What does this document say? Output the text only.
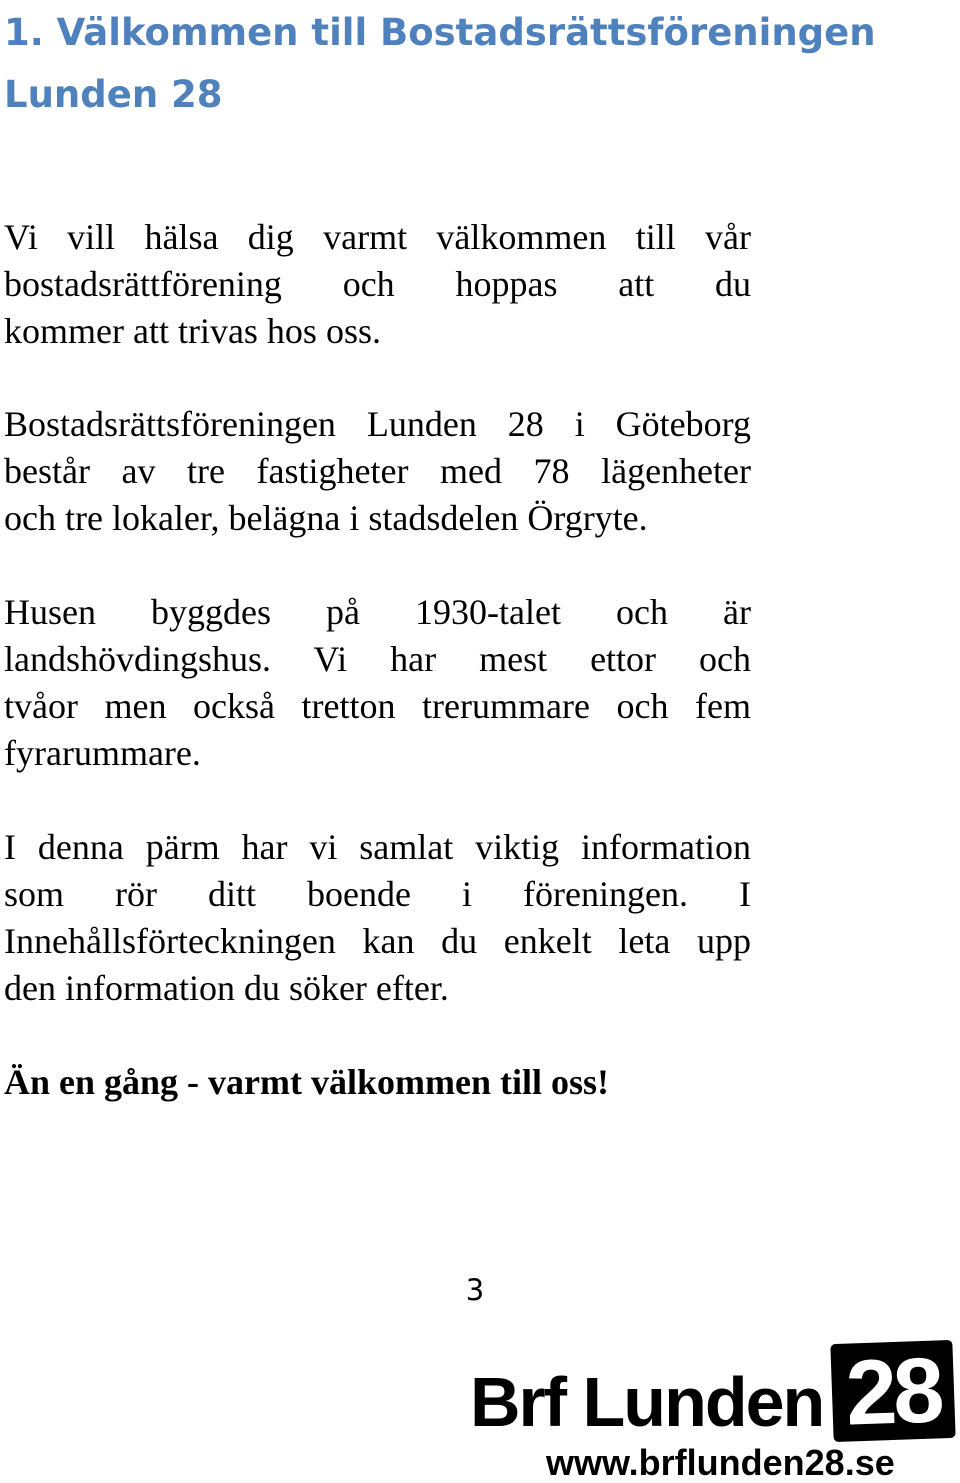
1. Välkommen till Bostadsrättsföreningen
Lunden 28

Vi vill hälsa dig varmt välkommen till vår
bostadsrättförening och hoppas att du
kommer att trivas hos oss.

Bostadsrättsföreningen Lunden 28 i Göteborg
består av tre fastigheter med 78 lägenheter
och tre lokaler, belägna i stadsdelen Örgryte.

Husen byggdes på 1930-talet och är
landshövdingshus. Vi har mest ettor och
tvåor men också tretton trerummare och fem
fyrarummare.

I denna pärm har vi samlat viktig information
som rör ditt boende i föreningen. I
Innehållsförteckningen kan du enkelt leta upp
den information du söker efter.

Än en gång - varmt välkommen till oss!

3
Brf Lunden 28
www.brflunden28.se
